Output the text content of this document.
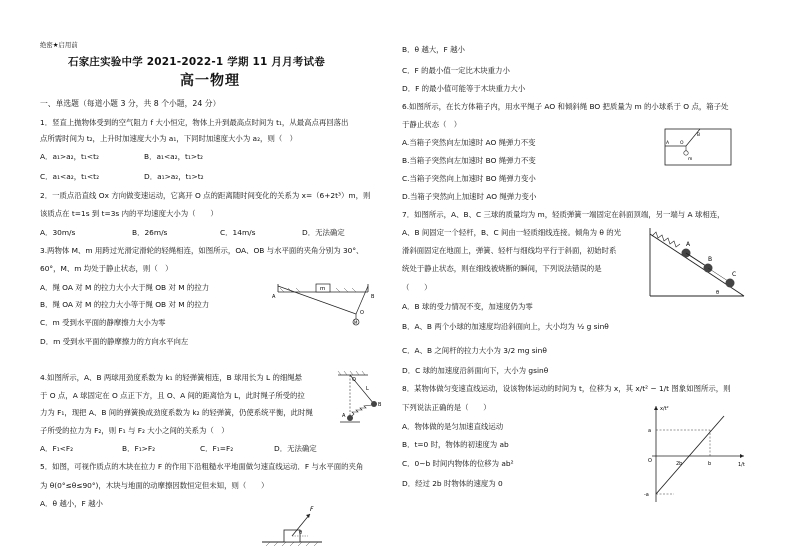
绝密★启用前
石家庄实验中学 2021-2022-1 学期 11 月月考试卷
高一物理
一、单选题（每道小题 3 分，共 8 个小题，24 分）
1．竖直上抛物体受到的空气阻力 f 大小恒定，物体上升到最高点时间为 t₁，从最高点再回落出
点所需时间为 t₂，上升时加速度大小为 a₁，下同时加速度大小为 a₂，则（　）
A．a₁>a₂，t₁<t₂	B．a₁<a₂，t₁>t₂
C．a₁<a₂，t₁<t₂	D．a₁>a₂，t₁>t₂
2．一质点沿直线 Ox 方向做变速运动，它离开 O 点的距离随时间变化的关系为 x=（6+2t³）m，则
该质点在 t=1s 到 t=3s 内的平均速度大小为（　　）
A．30m/s	B．26m/s	C．14m/s	D．无法确定
3.两物体 M、m 用跨过光滑定滑轮的轻绳相连，如图所示，OA、OB 与水平面的夹角分别为 30°、
60°，M、m 均处于静止状态，则（　）
A．绳 OA 对 M 的拉力大小大于绳 OB 对 M 的拉力
B．绳 OA 对 M 的拉力大小等于绳 OB 对 M 的拉力
C．m 受到水平面的静摩擦力大小为零
D．m 受到水平面的静摩擦力的方向水平向左
m
M
O
A	B
4.如图所示，A、B 两球用劲度系数为 k₁ 的轻弹簧相连，B 球用长为 L 的细绳悬
于 O 点，A 球固定在 O 点正下方，且 O、A 间的距离恰为 L，此时绳子所受的拉
力为 F₁，现把 A、B 间的弹簧换成劲度系数为 k₂ 的轻弹簧，仍使系统平衡，此时绳
子所受的拉力为 F₂，则 F₁ 与 F₂ 大小之间的关系为（　）
A．F₁<F₂	B．F₁>F₂	C．F₁=F₂	D．无法确定
O
L
A
B
5．如图，可视作质点的木块在拉力 F 的作用下沿粗糙水平地面做匀速直线运动．F 与水平面的夹角
为 θ(0°≤θ≤90°)，木块与地面的动摩擦因数恒定但未知，则（　　）
A．θ 越小，F 越小
F
θ
B．θ 越大，F 越小
C．F 的最小值一定比木块重力小
D．F 的最小值可能等于木块重力大小
6.如图所示，在长方体箱子内，用水平绳子 AO 和倾斜绳 BO 把质量为 m 的小球系于 O 点，箱子处
于静止状态（　）
A.当箱子突然向左加速时 AO 绳弹力不变
B.当箱子突然向左加速时 BO 绳弹力不变
C.当箱子突然向上加速时 BO 绳弹力变小
D.当箱子突然向上加速时 AO 绳弹力变小
A
B
O
m
7．如图所示，A、B、C 三球的质量均为 m，轻质弹簧一端固定在斜面顶端，另一端与 A 球相连，
A、B 间固定一个轻杆，B、C 间由一轻质细线连接。倾角为 θ 的光
滑斜面固定在地面上，弹簧、轻杆与细线均平行于斜面，初始时系
统处于静止状态，则在细线被烧断的瞬间，下列说法错误的是
（　　）
A．B 球的受力情况不变，加速度仍为零
B．A、B 两个小球的加速度均沿斜面向上，大小均为 ½ g sinθ
C．A、B 之间杆的拉力大小为 3/2 mg sinθ
D．C 球的加速度沿斜面向下，大小为 gsinθ
A
B
C
θ
8．某物体做匀变速直线运动，设该物体运动的时间为 t，位移为 x，其 x/t² − 1/t 图象如图所示，则
下列说法正确的是（　　）
A．物体做的是匀加速直线运动
B．t=0 时，物体的初速度为 ab
C．0~b 时间内物体的位移为 ab²
D．经过 2b 时物体的速度为 0
x/t²
1/t
a
-a
O	2b	b
